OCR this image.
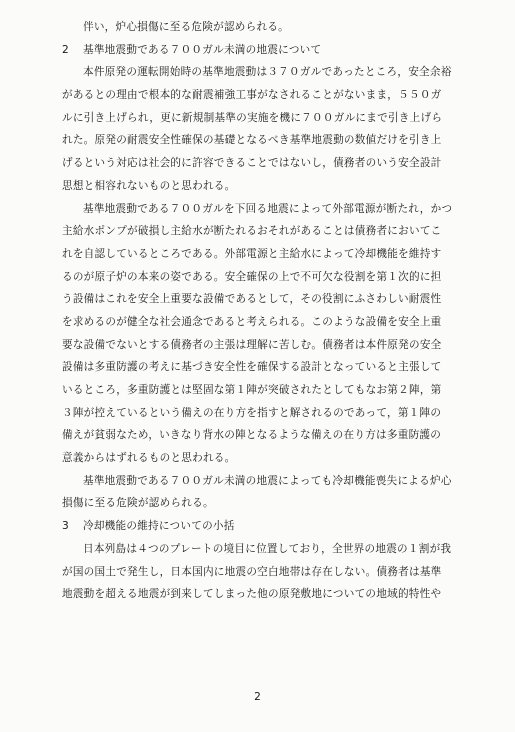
伴い，炉心損傷に至る危険が認められる。
2 基準地震動である７００ガル未満の地震について
本件原発の運転開始時の基準地震動は３７０ガルであったところ，安全余裕
があるとの理由で根本的な耐震補強工事がなされることがないまま，５５０ガ
ルに引き上げられ，更に新規制基準の実施を機に７００ガルにまで引き上げら
れた。原発の耐震安全性確保の基礎となるべき基準地震動の数値だけを引き上
げるという対応は社会的に許容できることではないし，債務者のいう安全設計
思想と相容れないものと思われる。
基準地震動である７００ガルを下回る地震によって外部電源が断たれ，かつ
主給水ポンプが破損し主給水が断たれるおそれがあることは債務者においてこ
れを自認しているところである。外部電源と主給水によって冷却機能を維持す
るのが原子炉の本来の姿である。安全確保の上で不可欠な役割を第１次的に担
う設備はこれを安全上重要な設備であるとして，その役割にふさわしい耐震性
を求めるのが健全な社会通念であると考えられる。このような設備を安全上重
要な設備でないとする債務者の主張は理解に苦しむ。債務者は本件原発の安全
設備は多重防護の考えに基づき安全性を確保する設計となっていると主張して
いるところ，多重防護とは堅固な第１陣が突破されたとしてもなお第２陣，第
３陣が控えているという備えの在り方を指すと解されるのであって，第１陣の
備えが貧弱なため，いきなり背水の陣となるような備えの在り方は多重防護の
意義からはずれるものと思われる。
基準地震動である７００ガル未満の地震によっても冷却機能喪失による炉心
損傷に至る危険が認められる。
3 冷却機能の維持についての小括
日本列島は４つのプレートの境目に位置しており，全世界の地震の１割が我
が国の国土で発生し，日本国内に地震の空白地帯は存在しない。債務者は基準
地震動を超える地震が到来してしまった他の原発敷地についての地域的特性や
2
